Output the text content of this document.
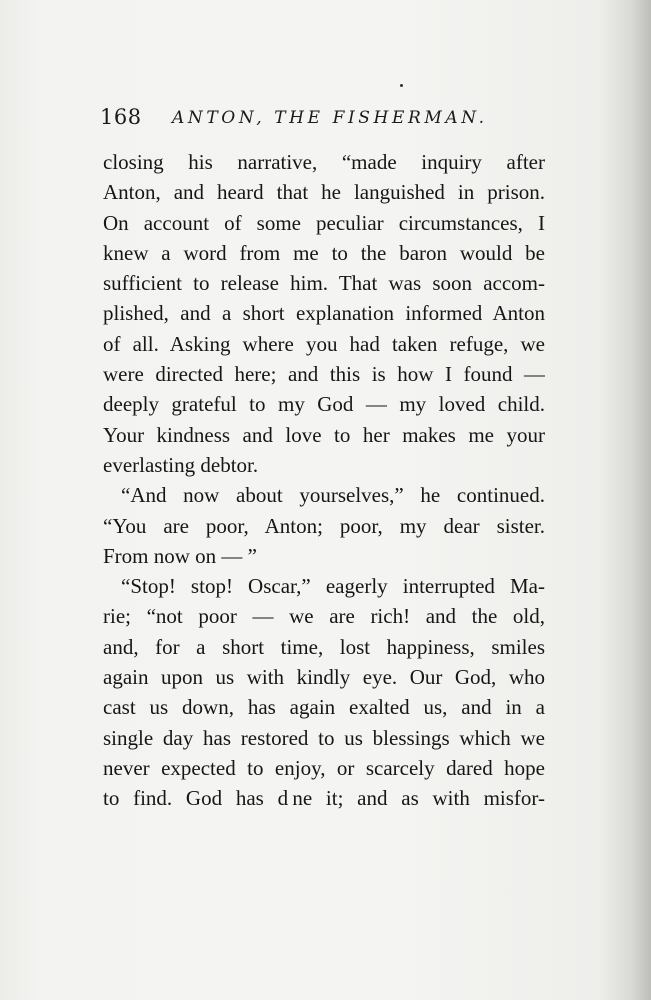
168 ANTON, THE FISHERMAN.
closing his narrative, “made inquiry after
Anton, and heard that he languished in prison.
On account of some peculiar circumstances, I
knew a word from me to the baron would be
sufficient to release him. That was soon accom-
plished, and a short explanation informed Anton
of all. Asking where you had taken refuge, we
were directed here; and this is how I found —
deeply grateful to my God — my loved child.
Your kindness and love to her makes me your
everlasting debtor.
“And now about yourselves,” he continued.
“You are poor, Anton; poor, my dear sister.
From now on — ”
“Stop! stop! Oscar,” eagerly interrupted Ma-
rie; “not poor — we are rich! and the old,
and, for a short time, lost happiness, smiles
again upon us with kindly eye. Our God, who
cast us down, has again exalted us, and in a
single day has restored to us blessings which we
never expected to enjoy, or scarcely dared hope
to find. God has d ne it; and as with misfor-
